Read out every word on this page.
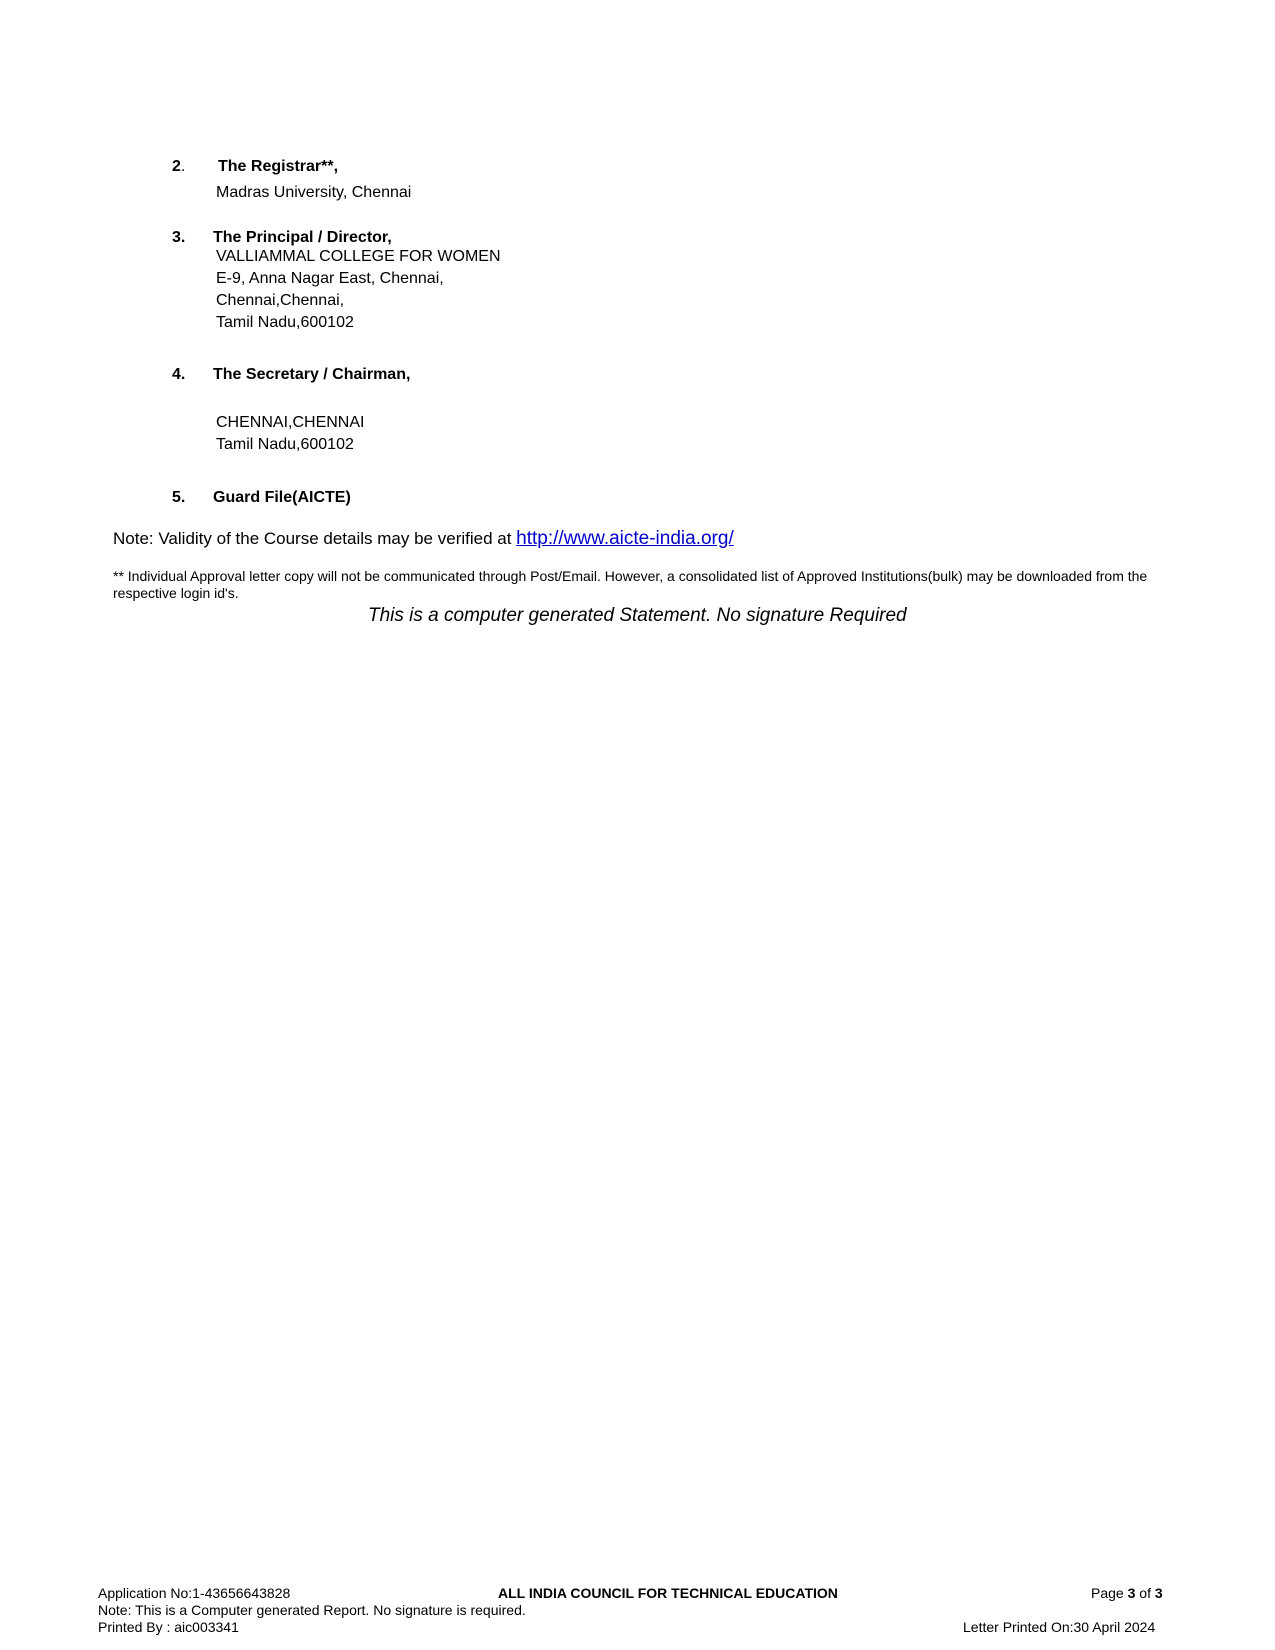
2. The Registrar**,
Madras University, Chennai
3. The Principal / Director,
VALLIAMMAL COLLEGE FOR WOMEN
E-9, Anna Nagar East, Chennai,
Chennai,Chennai,
Tamil Nadu,600102
4. The Secretary / Chairman,
CHENNAI,CHENNAI
Tamil Nadu,600102
5. Guard File(AICTE)
Note: Validity of the Course details may be verified at http://www.aicte-india.org/
** Individual Approval letter copy will not be communicated through Post/Email. However, a consolidated list of Approved Institutions(bulk) may be downloaded from the respective login id's.
This is a computer generated Statement. No signature Required
Application No:1-43656643828	ALL INDIA COUNCIL FOR TECHNICAL EDUCATION	Page 3 of 3
Note: This is a Computer generated Report. No signature is required.
Printed By : aic003341	Letter Printed On:30 April 2024
